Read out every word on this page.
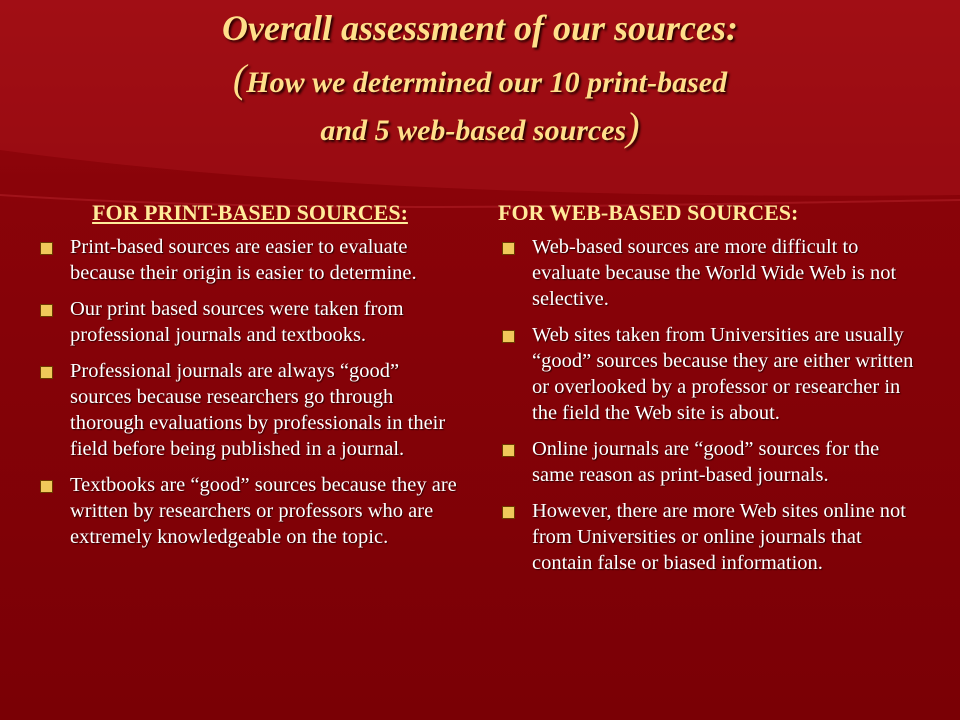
Overall assessment of our sources:
(How we determined our 10 print-based
and 5 web-based sources)
FOR PRINT-BASED SOURCES:
Print-based sources are easier to evaluate because their origin is easier to determine.
Our print based sources were taken from professional journals and textbooks.
Professional journals are always “good” sources because researchers go through thorough evaluations by professionals in their field before being published in a journal.
Textbooks are “good” sources because they are written by researchers or professors who are extremely knowledgeable on the topic.
FOR WEB-BASED SOURCES:
Web-based sources are more difficult to evaluate because the World Wide Web is not selective.
Web sites taken from Universities are usually “good” sources because they are either written or overlooked by a professor or researcher in the field the Web site is about.
Online journals are “good” sources for the same reason as print-based journals.
However, there are more Web sites online not from Universities or online journals that contain false or biased information.
